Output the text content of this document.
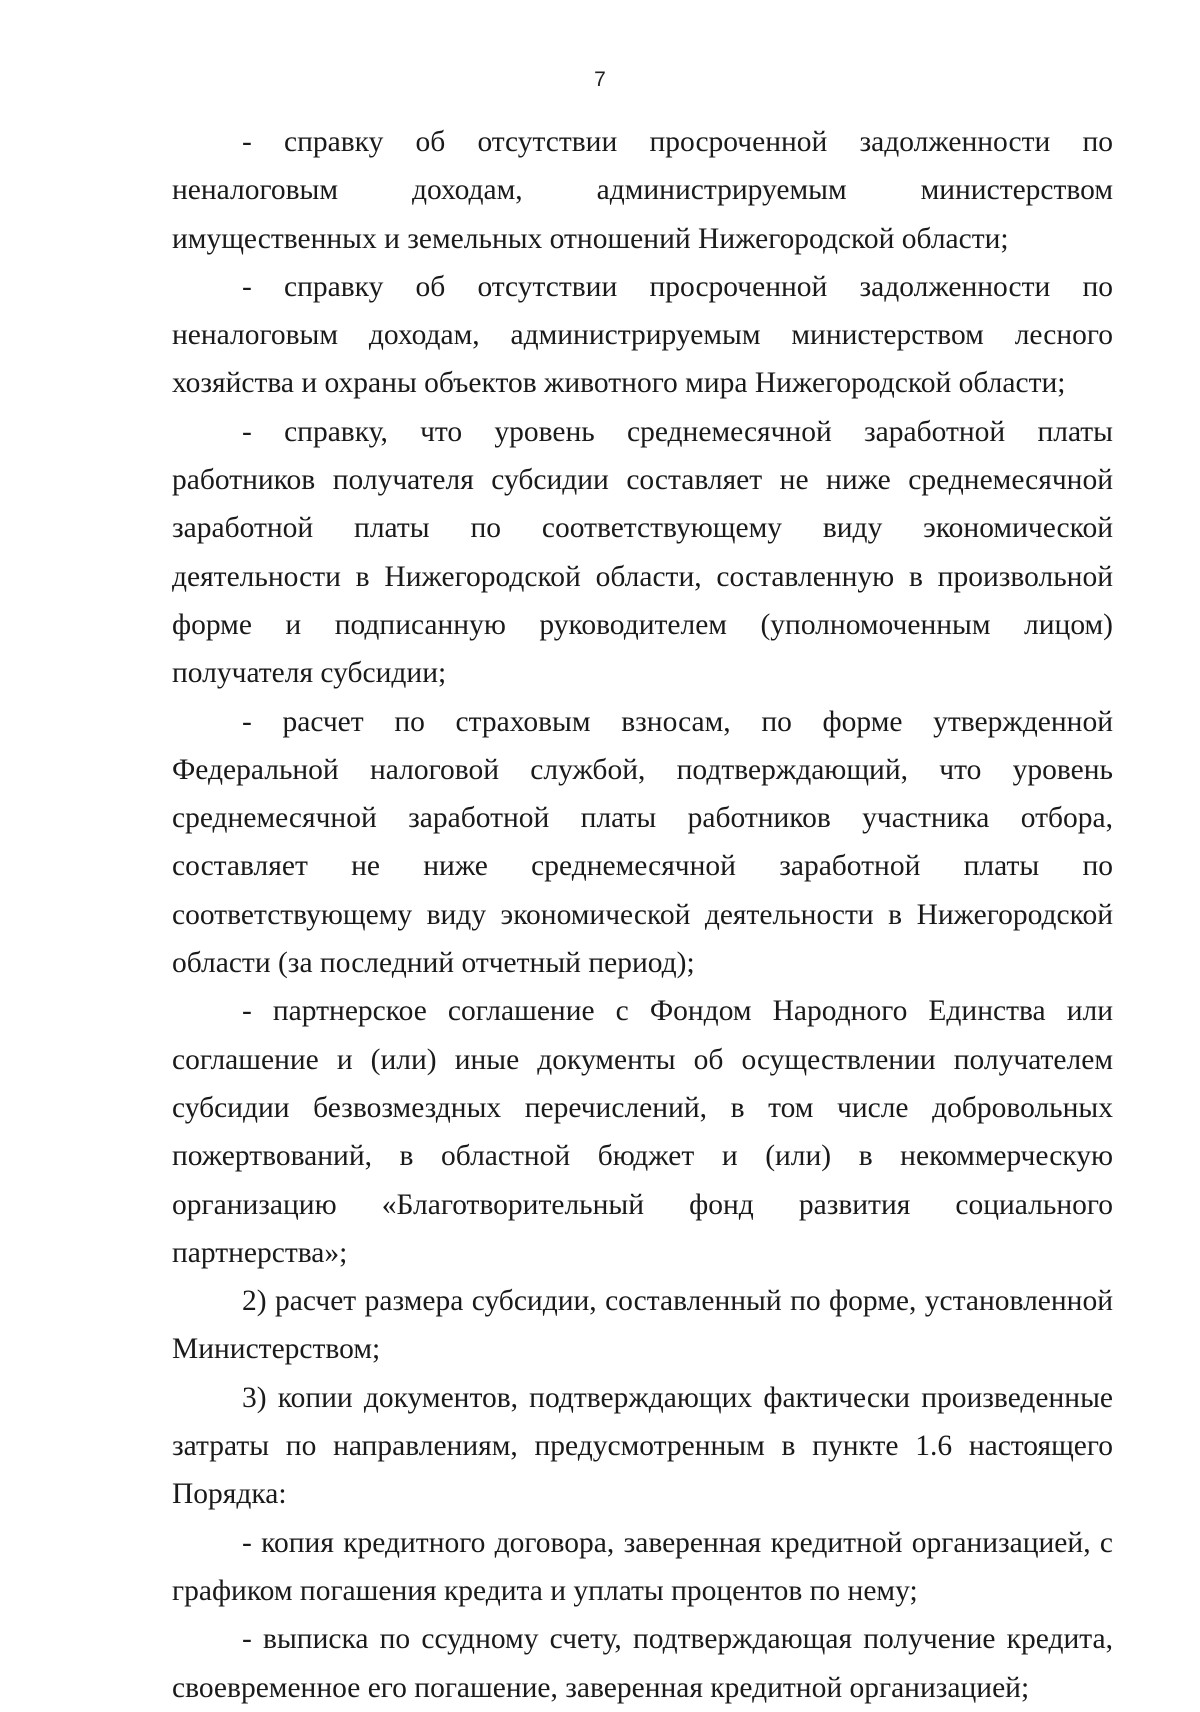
7

- справку об отсутствии просроченной задолженности по неналоговым доходам, администрируемым министерством имущественных и земельных отношений Нижегородской области;

- справку об отсутствии просроченной задолженности по неналоговым доходам, администрируемым министерством лесного хозяйства и охраны объектов животного мира Нижегородской области;

- справку, что уровень среднемесячной заработной платы работников получателя субсидии составляет не ниже среднемесячной заработной платы по соответствующему виду экономической деятельности в Нижегородской области, составленную в произвольной форме и подписанную руководителем (уполномоченным лицом) получателя субсидии;

- расчет по страховым взносам, по форме утвержденной Федеральной налоговой службой, подтверждающий, что уровень среднемесячной заработной платы работников участника отбора, составляет не ниже среднемесячной заработной платы по соответствующему виду экономической деятельности в Нижегородской области (за последний отчетный период);

- партнерское соглашение с Фондом Народного Единства или соглашение и (или) иные документы об осуществлении получателем субсидии безвозмездных перечислений, в том числе добровольных пожертвований, в областной бюджет и (или) в некоммерческую организацию «Благотворительный фонд развития социального партнерства»;

2) расчет размера субсидии, составленный по форме, установленной Министерством;

3) копии документов, подтверждающих фактически произведенные затраты по направлениям, предусмотренным в пункте 1.6 настоящего Порядка:

- копия кредитного договора, заверенная кредитной организацией, с графиком погашения кредита и уплаты процентов по нему;

- выписка по ссудному счету, подтверждающая получение кредита, своевременное его погашение, заверенная кредитной организацией;
